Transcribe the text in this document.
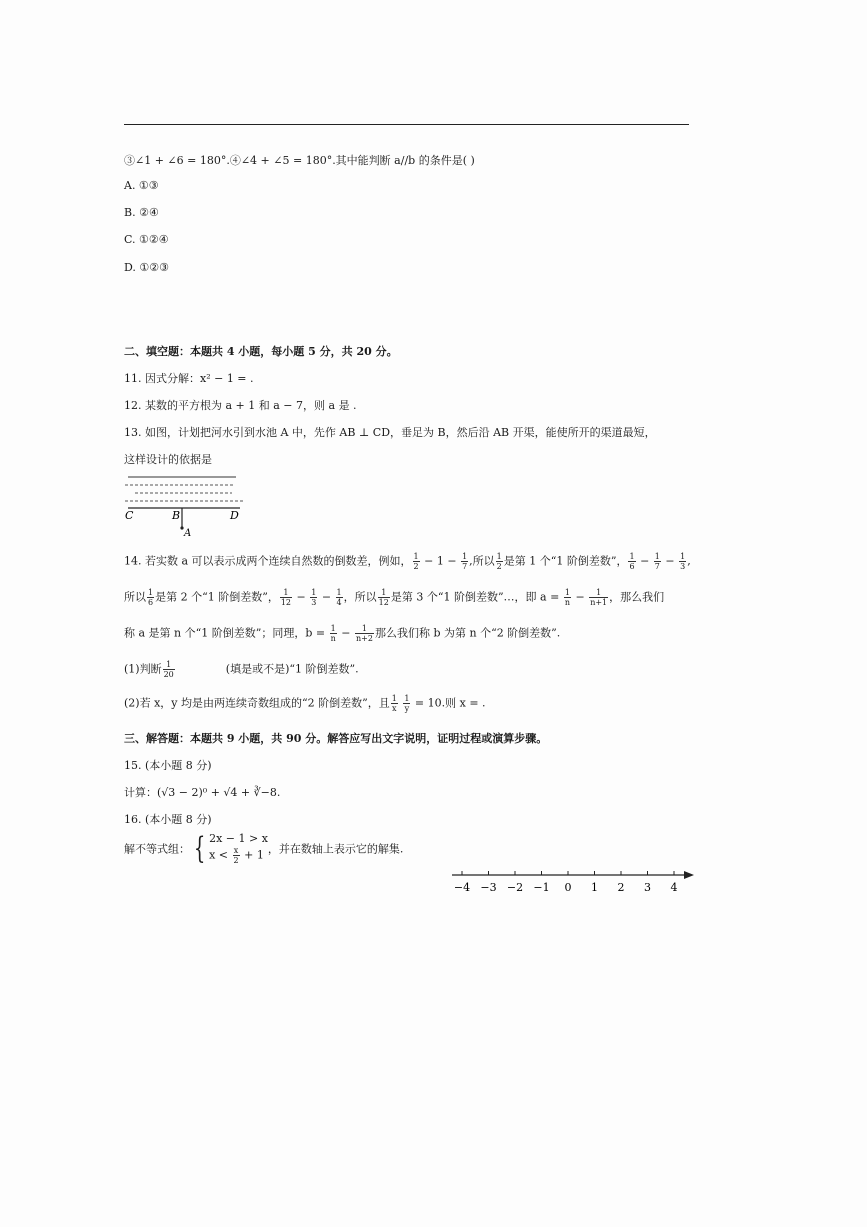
③∠1 + ∠6 = 180°.④∠4 + ∠5 = 180°.其中能判断 a//b 的条件是( )
A. ①③
B. ②④
C. ①②④
D. ①②③
二、填空题：本题共 4 小题，每小题 5 分，共 20 分。
11. 因式分解：x² − 1 = .
12. 某数的平方根为 a + 1 和 a − 7，则 a 是 .
13. 如图，计划把河水引到水池 A 中，先作 AB ⊥ CD，垂足为 B，然后沿 AB 开渠，能使所开的渠道最短，
这样设计的依据是
C	B	D
A
14. 若实数 a 可以表示成两个连续自然数的倒数差，例如， $\frac{1}{2} - 1 - \frac{1}{7}$ ,所以 $\frac{1}{2}$ 是第 1 个“1 阶倒差数”， $\frac{1}{6} - \frac{1}{7} - \frac{1}{3}$ ,
所以 $\frac{1}{6}$ 是第 2 个“1 阶倒差数”， $\frac{1}{12} - \frac{1}{3} - \frac{1}{4}$ ，所以 $\frac{1}{12}$ 是第 3 个“1 阶倒差数”…，即 $a = \frac{1}{n} - \frac{1}{n+1}$ ，那么我们
称 a 是第 n 个“1 阶倒差数”；同理，$b = \frac{1}{n} - \frac{1}{n+2}$ 那么我们称 b 为第 n 个“2 阶倒差数”.
(1)判断 $\frac{1}{20}$	(填是或不是)“1 阶倒差数”.
(2)若 x，y 均是由两连续奇数组成的“2 阶倒差数”，且 $\frac{1}{x}$
$\frac{1}{y} = 10$.则 x = .
三、解答题：本题共 9 小题，共 90 分。解答应写出文字说明，证明过程或演算步骤。
15. (本小题 8 分)
计算：(√3 − 2)⁰ + √4 + ∛−8.
16. (本小题 8 分)
解不等式组： { 2x − 1 > x
$x < \frac{x}{2} + 1$ ，并在数轴上表示它的解集.
−4 −3 −2 −1 0 1 2 3 4
